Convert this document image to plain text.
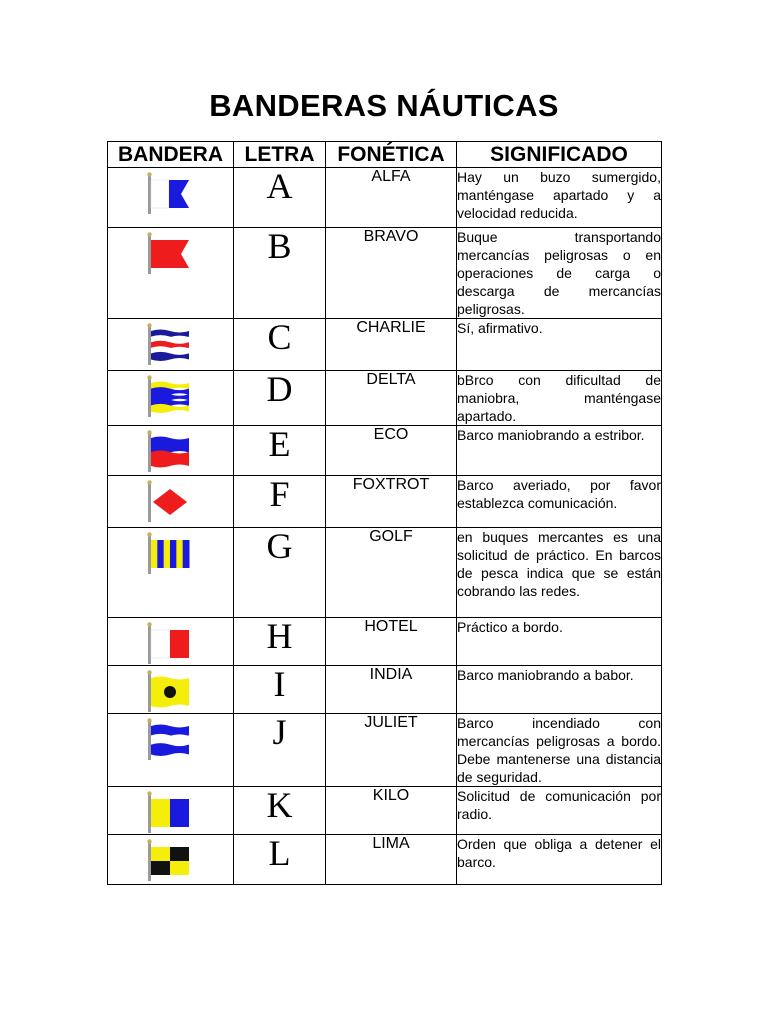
BANDERAS NÁUTICAS
BANDERA	LETRA	FONÉTICA	SIGNIFICADO

	A	ALFA	Hay un buzo sumergido, manténgase apartado y a velocidad reducida.

	B	BRAVO	Buque transportando mercancías peligrosas o en operaciones de carga o descarga de mercancías peligrosas.

	C	CHARLIE	Sí, afirmativo.

	D	DELTA	bBrco con dificultad de maniobra, manténgase apartado.

	E	ECO	Barco maniobrando a estribor.

	F	FOXTROT	Barco averiado, por favor establezca comunicación.

	G	GOLF	en buques mercantes es una solicitud de práctico. En barcos de pesca indica que se están cobrando las redes.

	H	HOTEL	Práctico a bordo.

	I	INDIA	Barco maniobrando a babor.

	J	JULIET	Barco incendiado con mercancías peligrosas a bordo. Debe mantenerse una distancia de seguridad.

	K	KILO	Solicitud de comunicación por radio.

	L	LIMA	Orden que obliga a detener el barco.
